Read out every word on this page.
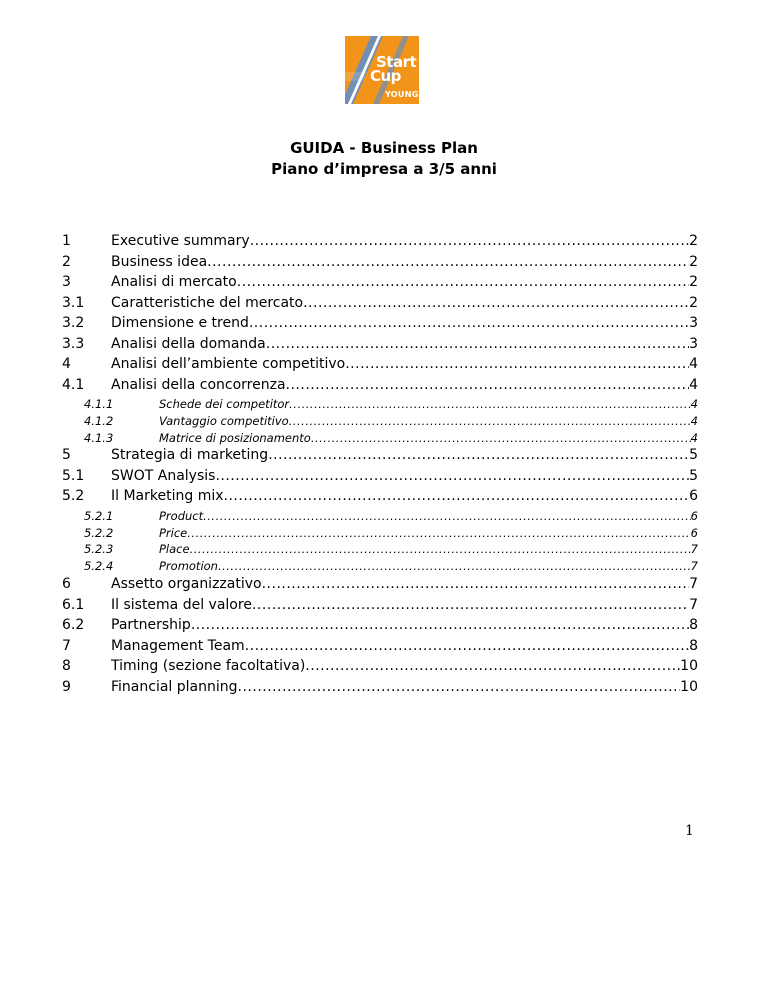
Start
Cup
YOUNG
GUIDA - Business Plan
Piano d’impresa a 3/5 anni
1	Executive summary .....	2
2	Business idea .....	2
3	Analisi di mercato .....	2
3.1	Caratteristiche del mercato .....	2
3.2	Dimensione e trend .....	3
3.3	Analisi della domanda .....	3
4	Analisi dell’ambiente competitivo .....	4
4.1	Analisi della concorrenza .....	4
4.1.1	Schede dei competitor .....	4
4.1.2	Vantaggio competitivo .....	4
4.1.3	Matrice di posizionamento .....	4
5	Strategia di marketing .....	5
5.1	SWOT Analysis .....	5
5.2	Il Marketing mix .....	6
5.2.1	Product .....	6
5.2.2	Price .....	6
5.2.3	Place .....	7
5.2.4	Promotion .....	7
6	Assetto organizzativo .....	7
6.1	Il sistema del valore .....	7
6.2	Partnership .....	8
7	Management Team .....	8
8	Timing (sezione facoltativa) .....	10
9	Financial planning .....	10
1
